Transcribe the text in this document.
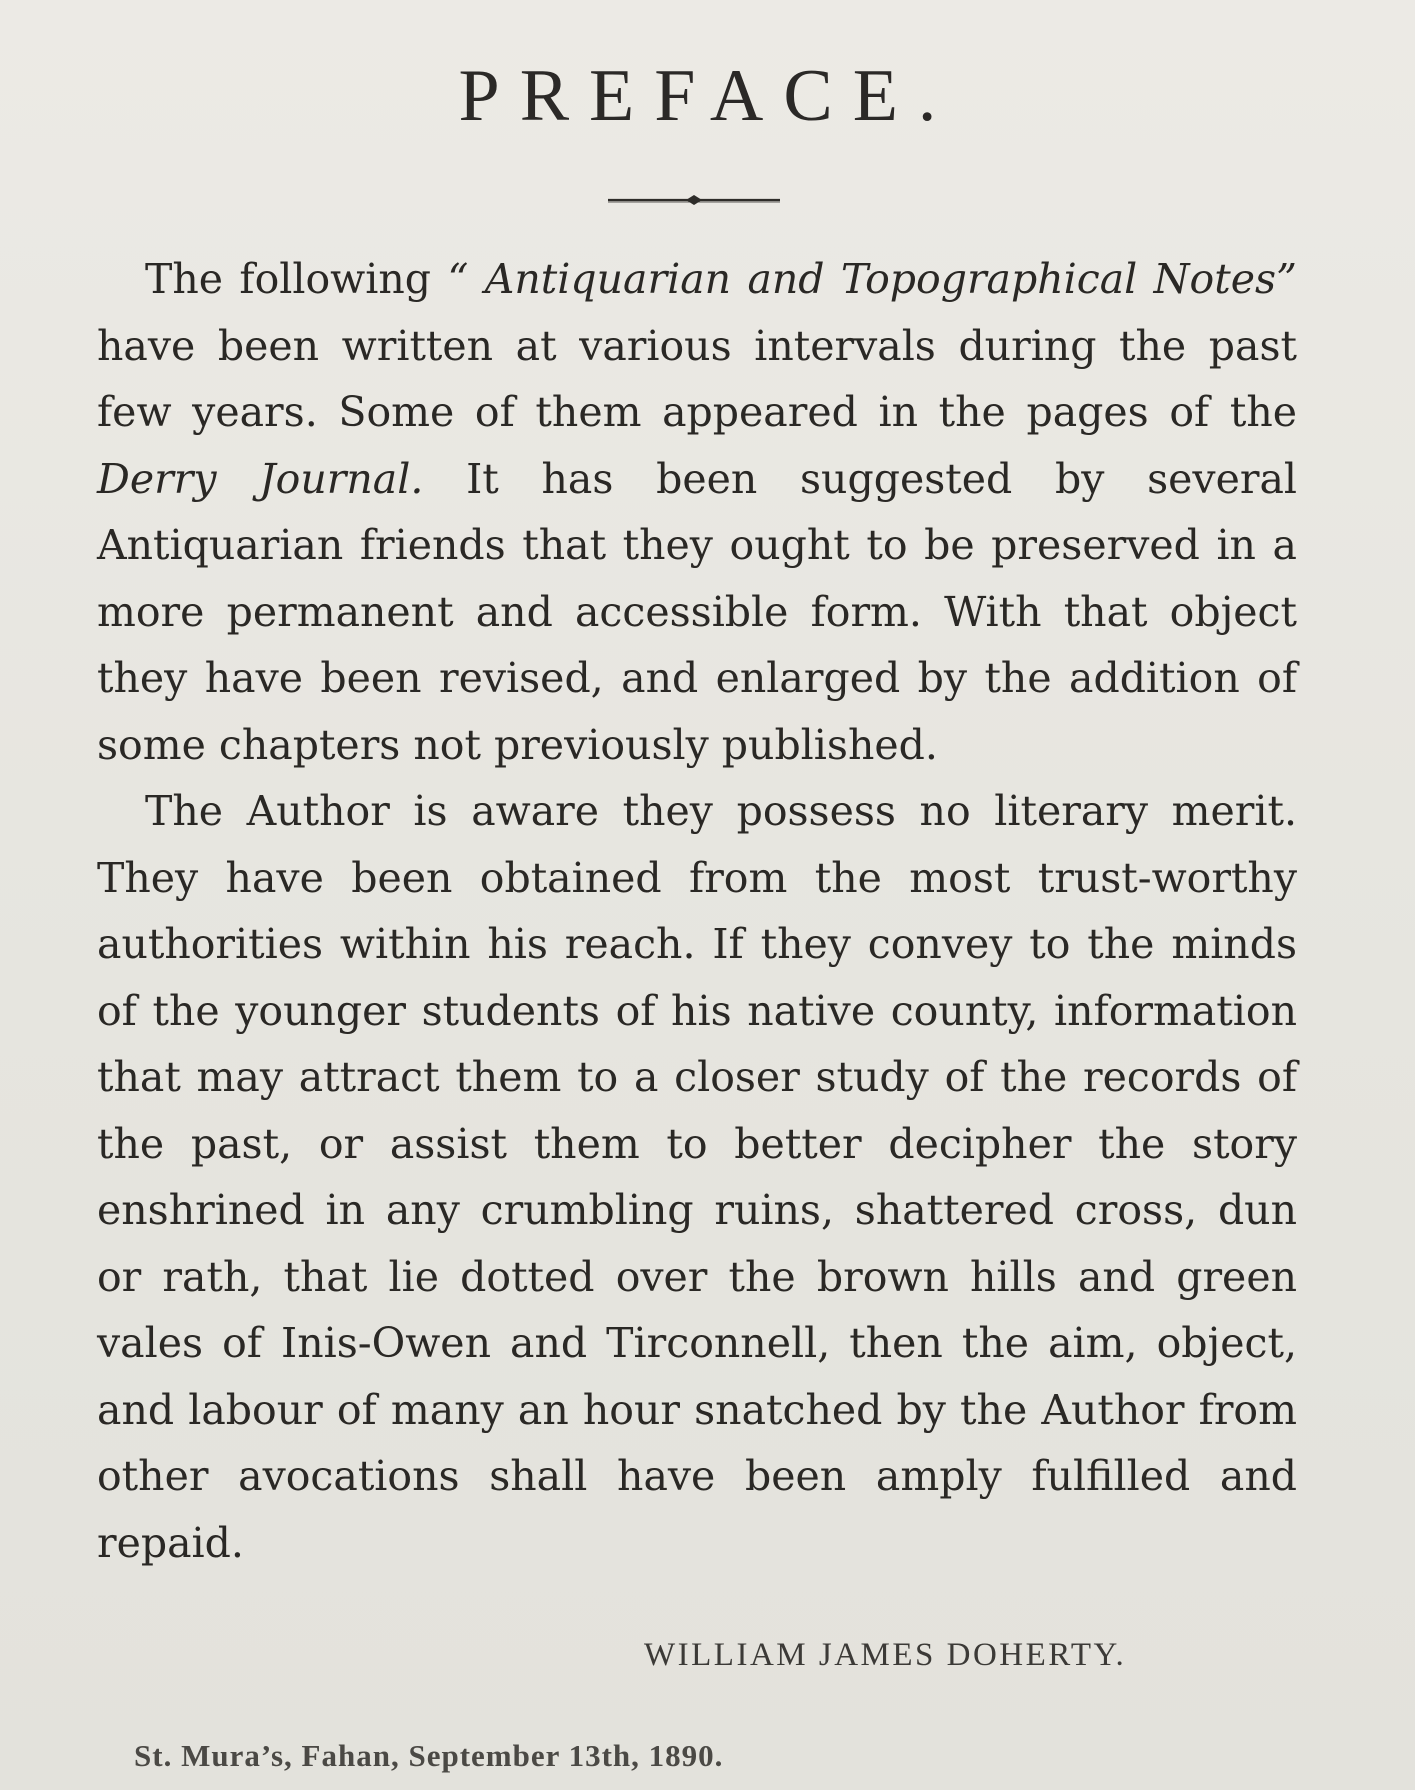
PREFACE.

The following “ Antiquarian and Topographical Notes” have been written at various intervals during the past few years. Some of them appeared in the pages of the Derry Journal. It has been suggested by several Antiquarian friends that they ought to be preserved in a more permanent and accessible form. With that object they have been revised, and enlarged by the addition of some chapters not previously published.

The Author is aware they possess no literary merit. They have been obtained from the most trust-worthy authorities within his reach. If they convey to the minds of the younger students of his native county, information that may attract them to a closer study of the records of the past, or assist them to better decipher the story enshrined in any crumbling ruins, shattered cross, dun or rath, that lie dotted over the brown hills and green vales of Inis-Owen and Tirconnell, then the aim, object, and labour of many an hour snatched by the Author from other avocations shall have been amply fulfilled and repaid.

WILLIAM JAMES DOHERTY.
St. Mura’s, Fahan, September 13th, 1890.
